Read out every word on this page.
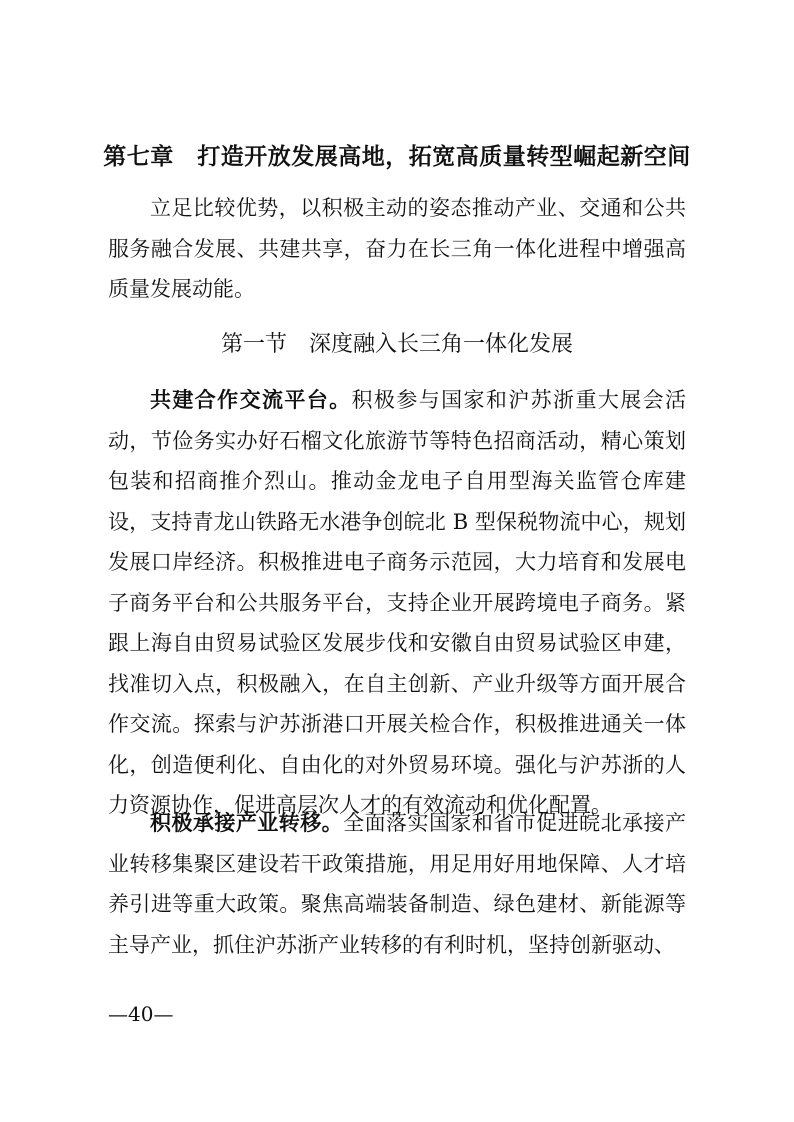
第七章　打造开放发展高地，拓宽高质量转型崛起新空间

立足比较优势，以积极主动的姿态推动产业、交通和公共服务融合发展、共建共享，奋力在长三角一体化进程中增强高质量发展动能。

第一节　深度融入长三角一体化发展

共建合作交流平台。积极参与国家和沪苏浙重大展会活动，节俭务实办好石榴文化旅游节等特色招商活动，精心策划包装和招商推介烈山。推动金龙电子自用型海关监管仓库建设，支持青龙山铁路无水港争创皖北 B 型保税物流中心，规划发展口岸经济。积极推进电子商务示范园，大力培育和发展电子商务平台和公共服务平台，支持企业开展跨境电子商务。紧跟上海自由贸易试验区发展步伐和安徽自由贸易试验区申建，找准切入点，积极融入，在自主创新、产业升级等方面开展合作交流。探索与沪苏浙港口开展关检合作，积极推进通关一体化，创造便利化、自由化的对外贸易环境。强化与沪苏浙的人力资源协作，促进高层次人才的有效流动和优化配置。

积极承接产业转移。全面落实国家和省市促进皖北承接产业转移集聚区建设若干政策措施，用足用好用地保障、人才培养引进等重大政策。聚焦高端装备制造、绿色建材、新能源等主导产业，抓住沪苏浙产业转移的有利时机，坚持创新驱动、

—40—
